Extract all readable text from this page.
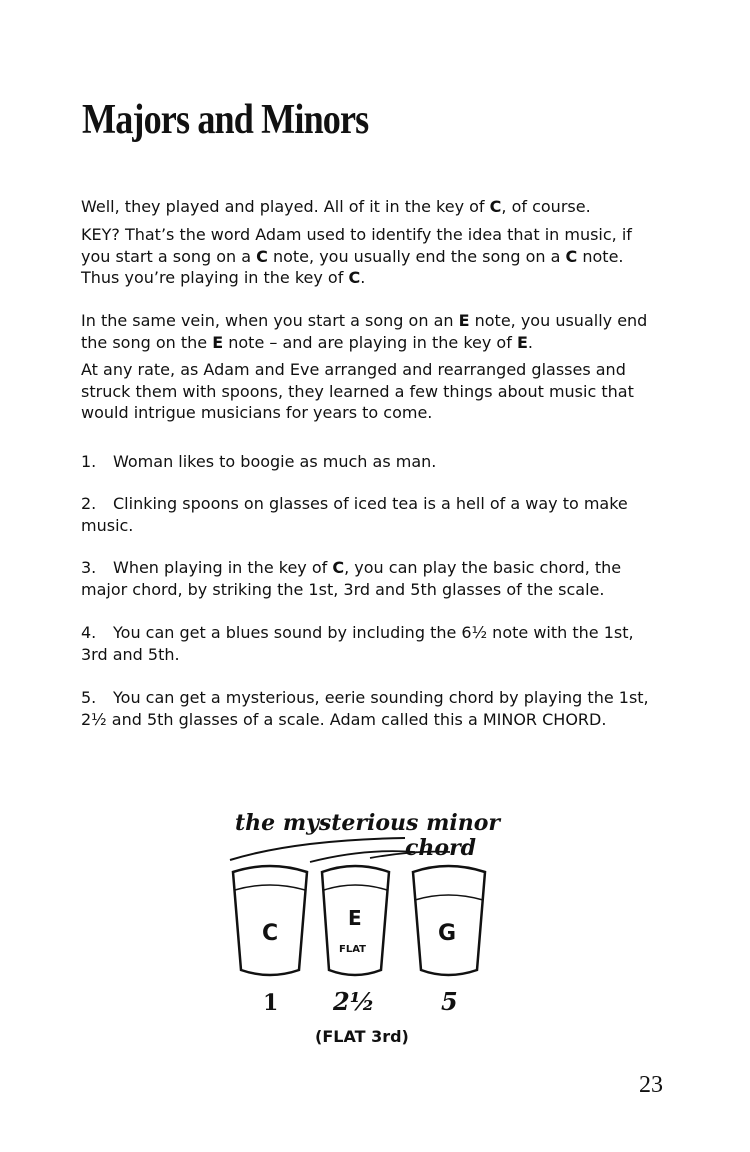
Majors and Minors

Well, they played and played. All of it in the key of C, of course.

KEY? That’s the word Adam used to identify the idea that in music, if you start a song on a C note, you usually end the song on a C note. Thus you’re playing in the key of C.

In the same vein, when you start a song on an E note, you usually end the song on the E note – and are playing in the key of E.

At any rate, as Adam and Eve arranged and rearranged glasses and struck them with spoons, they learned a few things about music that would intrigue musicians for years to come.

1. Woman likes to boogie as much as man.

2. Clinking spoons on glasses of iced tea is a hell of a way to make music.

3. When playing in the key of C, you can play the basic chord, the major chord, by striking the 1st, 3rd and 5th glasses of the scale.

4. You can get a blues sound by including the 6½ note with the 1st, 3rd and 5th.

5. You can get a mysterious, eerie sounding chord by playing the 1st, 2½ and 5th glasses of a scale. Adam called this a MINOR CHORD.

the mysterious minor
chord
C
1
E
FLAT
2½
(FLAT 3rd)
G
5
23
